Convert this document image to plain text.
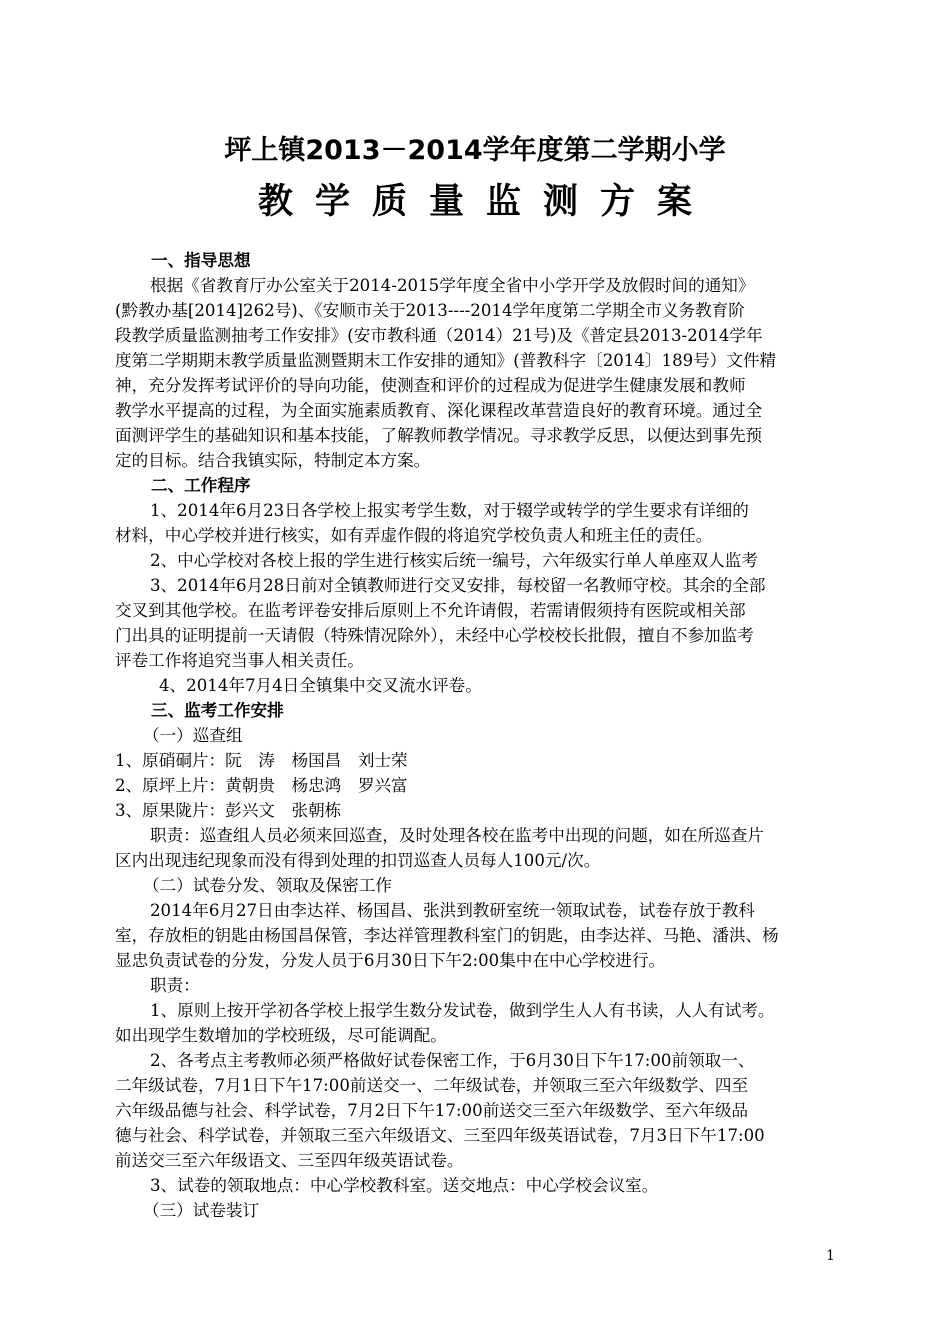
坪上镇2013－2014学年度第二学期小学
教学质量监测方案
一、指导思想
根据《省教育厅办公室关于2014-2015学年度全省中小学开学及放假时间的通知》
(黔教办基[2014]262号)、《安顺市关于2013----2014学年度第二学期全市义务教育阶
段教学质量监测抽考工作安排》(安市教科通（2014）21号)及《普定县2013-2014学年
度第二学期期末教学质量监测暨期末工作安排的通知》(普教科字〔2014〕189号）文件精
神，充分发挥考试评价的导向功能，使测查和评价的过程成为促进学生健康发展和教师
教学水平提高的过程，为全面实施素质教育、深化课程改革营造良好的教育环境。通过全
面测评学生的基础知识和基本技能，了解教师教学情况。寻求教学反思，以便达到事先预
定的目标。结合我镇实际，特制定本方案。
二、工作程序
1、2014年6月23日各学校上报实考学生数，对于辍学或转学的学生要求有详细的
材料，中心学校并进行核实，如有弄虚作假的将追究学校负责人和班主任的责任。
2、中心学校对各校上报的学生进行核实后统一编号，六年级实行单人单座双人监考
3、2014年6月28日前对全镇教师进行交叉安排，每校留一名教师守校。其余的全部
交叉到其他学校。在监考评卷安排后原则上不允许请假，若需请假须持有医院或相关部
门出具的证明提前一天请假（特殊情况除外），未经中心学校校长批假，擅自不参加监考
评卷工作将追究当事人相关责任。
4、2014年7月4日全镇集中交叉流水评卷。
三、监考工作安排
（一）巡查组
1、原硝硐片：阮　涛　杨国昌　刘士荣
2、原坪上片：黄朝贵　杨忠鸿　罗兴富
3、原果陇片：彭兴文　张朝栋
职责：巡查组人员必须来回巡查，及时处理各校在监考中出现的问题，如在所巡查片
区内出现违纪现象而没有得到处理的扣罚巡查人员每人100元/次。
（二）试卷分发、领取及保密工作
2014年6月27日由李达祥、杨国昌、张洪到教研室统一领取试卷，试卷存放于教科
室，存放柜的钥匙由杨国昌保管，李达祥管理教科室门的钥匙，由李达祥、马艳、潘洪、杨
显忠负责试卷的分发，分发人员于6月30日下午2:00集中在中心学校进行。
职责：
1、原则上按开学初各学校上报学生数分发试卷，做到学生人人有书读，人人有试考。
如出现学生数增加的学校班级，尽可能调配。
2、各考点主考教师必须严格做好试卷保密工作，于6月30日下午17:00前领取一、
二年级试卷，7月1日下午17:00前送交一、二年级试卷，并领取三至六年级数学、四至
六年级品德与社会、科学试卷，7月2日下午17:00前送交三至六年级数学、至六年级品
德与社会、科学试卷，并领取三至六年级语文、三至四年级英语试卷，7月3日下午17:00
前送交三至六年级语文、三至四年级英语试卷。
3、试卷的领取地点：中心学校教科室。送交地点：中心学校会议室。
（三）试卷装订
1
